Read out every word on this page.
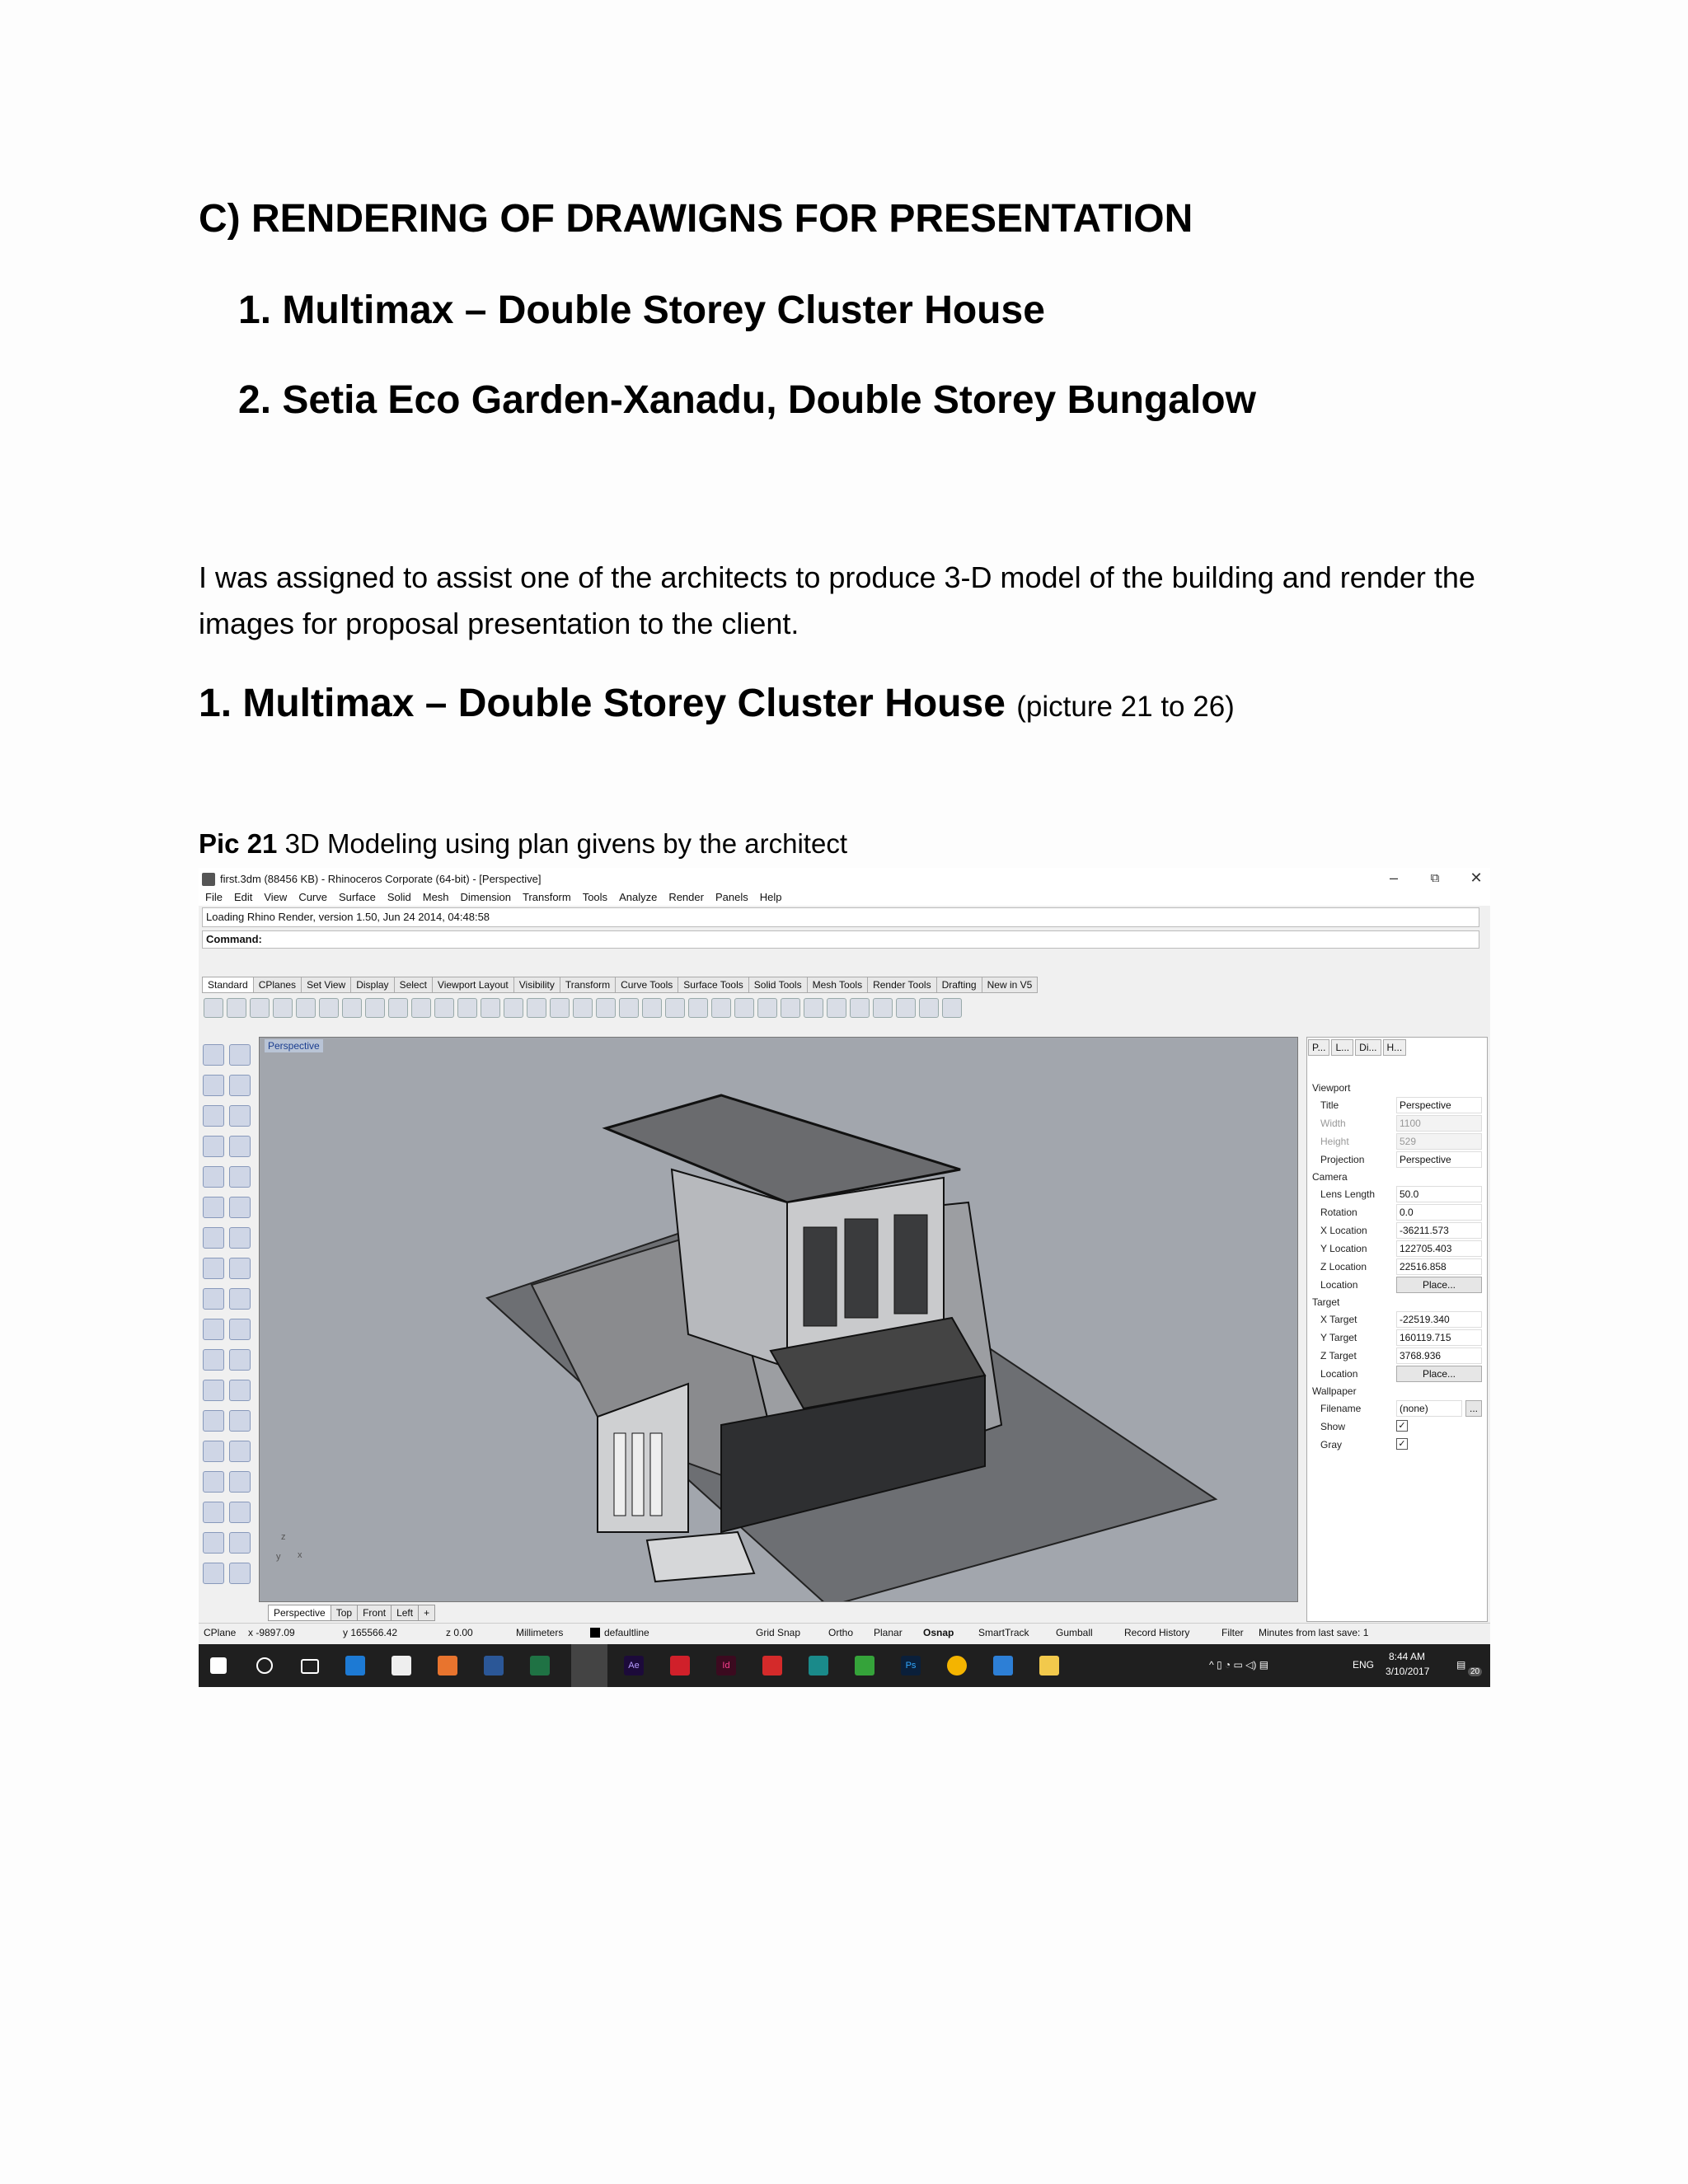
C) RENDERING OF DRAWIGNS FOR PRESENTATION
1. Multimax – Double Storey Cluster House
2. Setia Eco Garden-Xanadu, Double Storey Bungalow

I was assigned to assist one of the architects to produce 3-D model of the building and render the images for proposal presentation to the client.

1. Multimax – Double Storey Cluster House (picture 21 to 26)

Pic 21 3D Modeling using plan givens by the architect

first.3dm (88456 KB) - Rhinoceros Corporate (64-bit) - [Perspective]	–	⧉	✕
File Edit View Curve Surface Solid Mesh Dimension Transform Tools Analyze Render Panels Help
Loading Rhino Render, version 1.50, Jun 24 2014, 04:48:58
Command:
Standard CPlanes Set View Display Select Viewport Layout Visibility Transform Curve Tools Surface Tools Solid Tools Mesh Tools Render Tools Drafting New in V5

Perspective
z
y x
Perspective Top Front Left +
P... L... Di... H...
Viewport
Title	Perspective
Width	1100
Height	529
Projection	Perspective
Camera
Lens Length	50.0
Rotation	0.0
X Location	-36211.573
Y Location	122705.403
Z Location	22516.858
Location	Place...
Target
X Target	-22519.340
Y Target	160119.715
Z Target	3768.936
Location	Place...
Wallpaper
Filename	(none)	...
Show	✓
Gray	✓
CPlane x -9897.09	y 165566.42	z 0.00	Millimeters	defaultline	Grid Snap	Ortho Planar Osnap SmartTrack	Gumball	Record History	Filter Minutes from last save: 1
Ae	Id	Ps	^ ▯ ◔ ▭ ◁) ▤	ENG
8:44 AM
3/10/2017
▤
20
